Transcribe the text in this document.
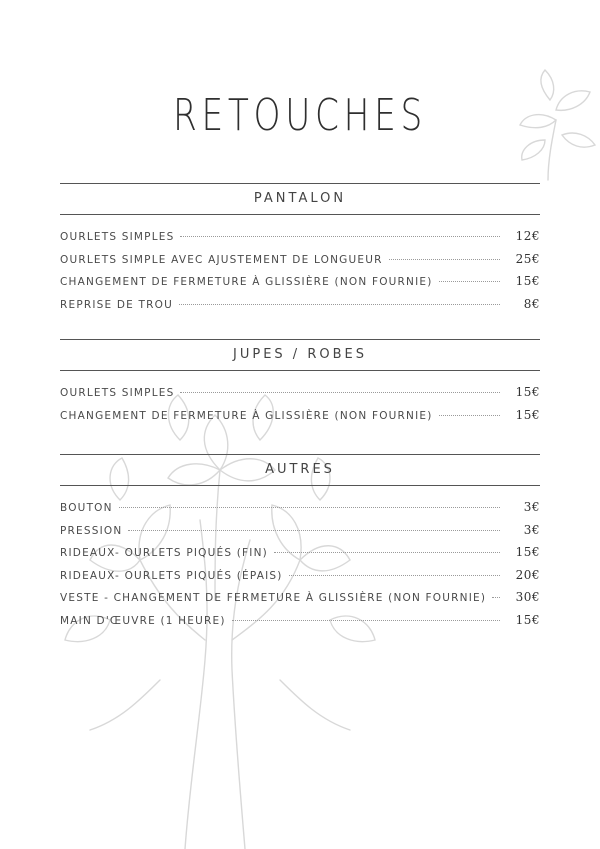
RETOUCHES
PANTALON
OURLETS SIMPLES	12€
OURLETS SIMPLE AVEC AJUSTEMENT DE LONGUEUR	25€
CHANGEMENT DE FERMETURE À GLISSIÈRE (NON FOURNIE)	15€
REPRISE DE TROU	8€
JUPES / ROBES
OURLETS SIMPLES	15€
CHANGEMENT DE FERMETURE À GLISSIÈRE (NON FOURNIE)	15€
AUTRES
BOUTON	3€
PRESSION	3€
RIDEAUX- OURLETS PIQUÉS (FIN)	15€
RIDEAUX- OURLETS PIQUÉS (ÉPAIS)	20€
VESTE - CHANGEMENT DE FERMETURE À GLISSIÈRE (NON FOURNIE)	30€
MAIN D'ŒUVRE (1 HEURE)	15€
